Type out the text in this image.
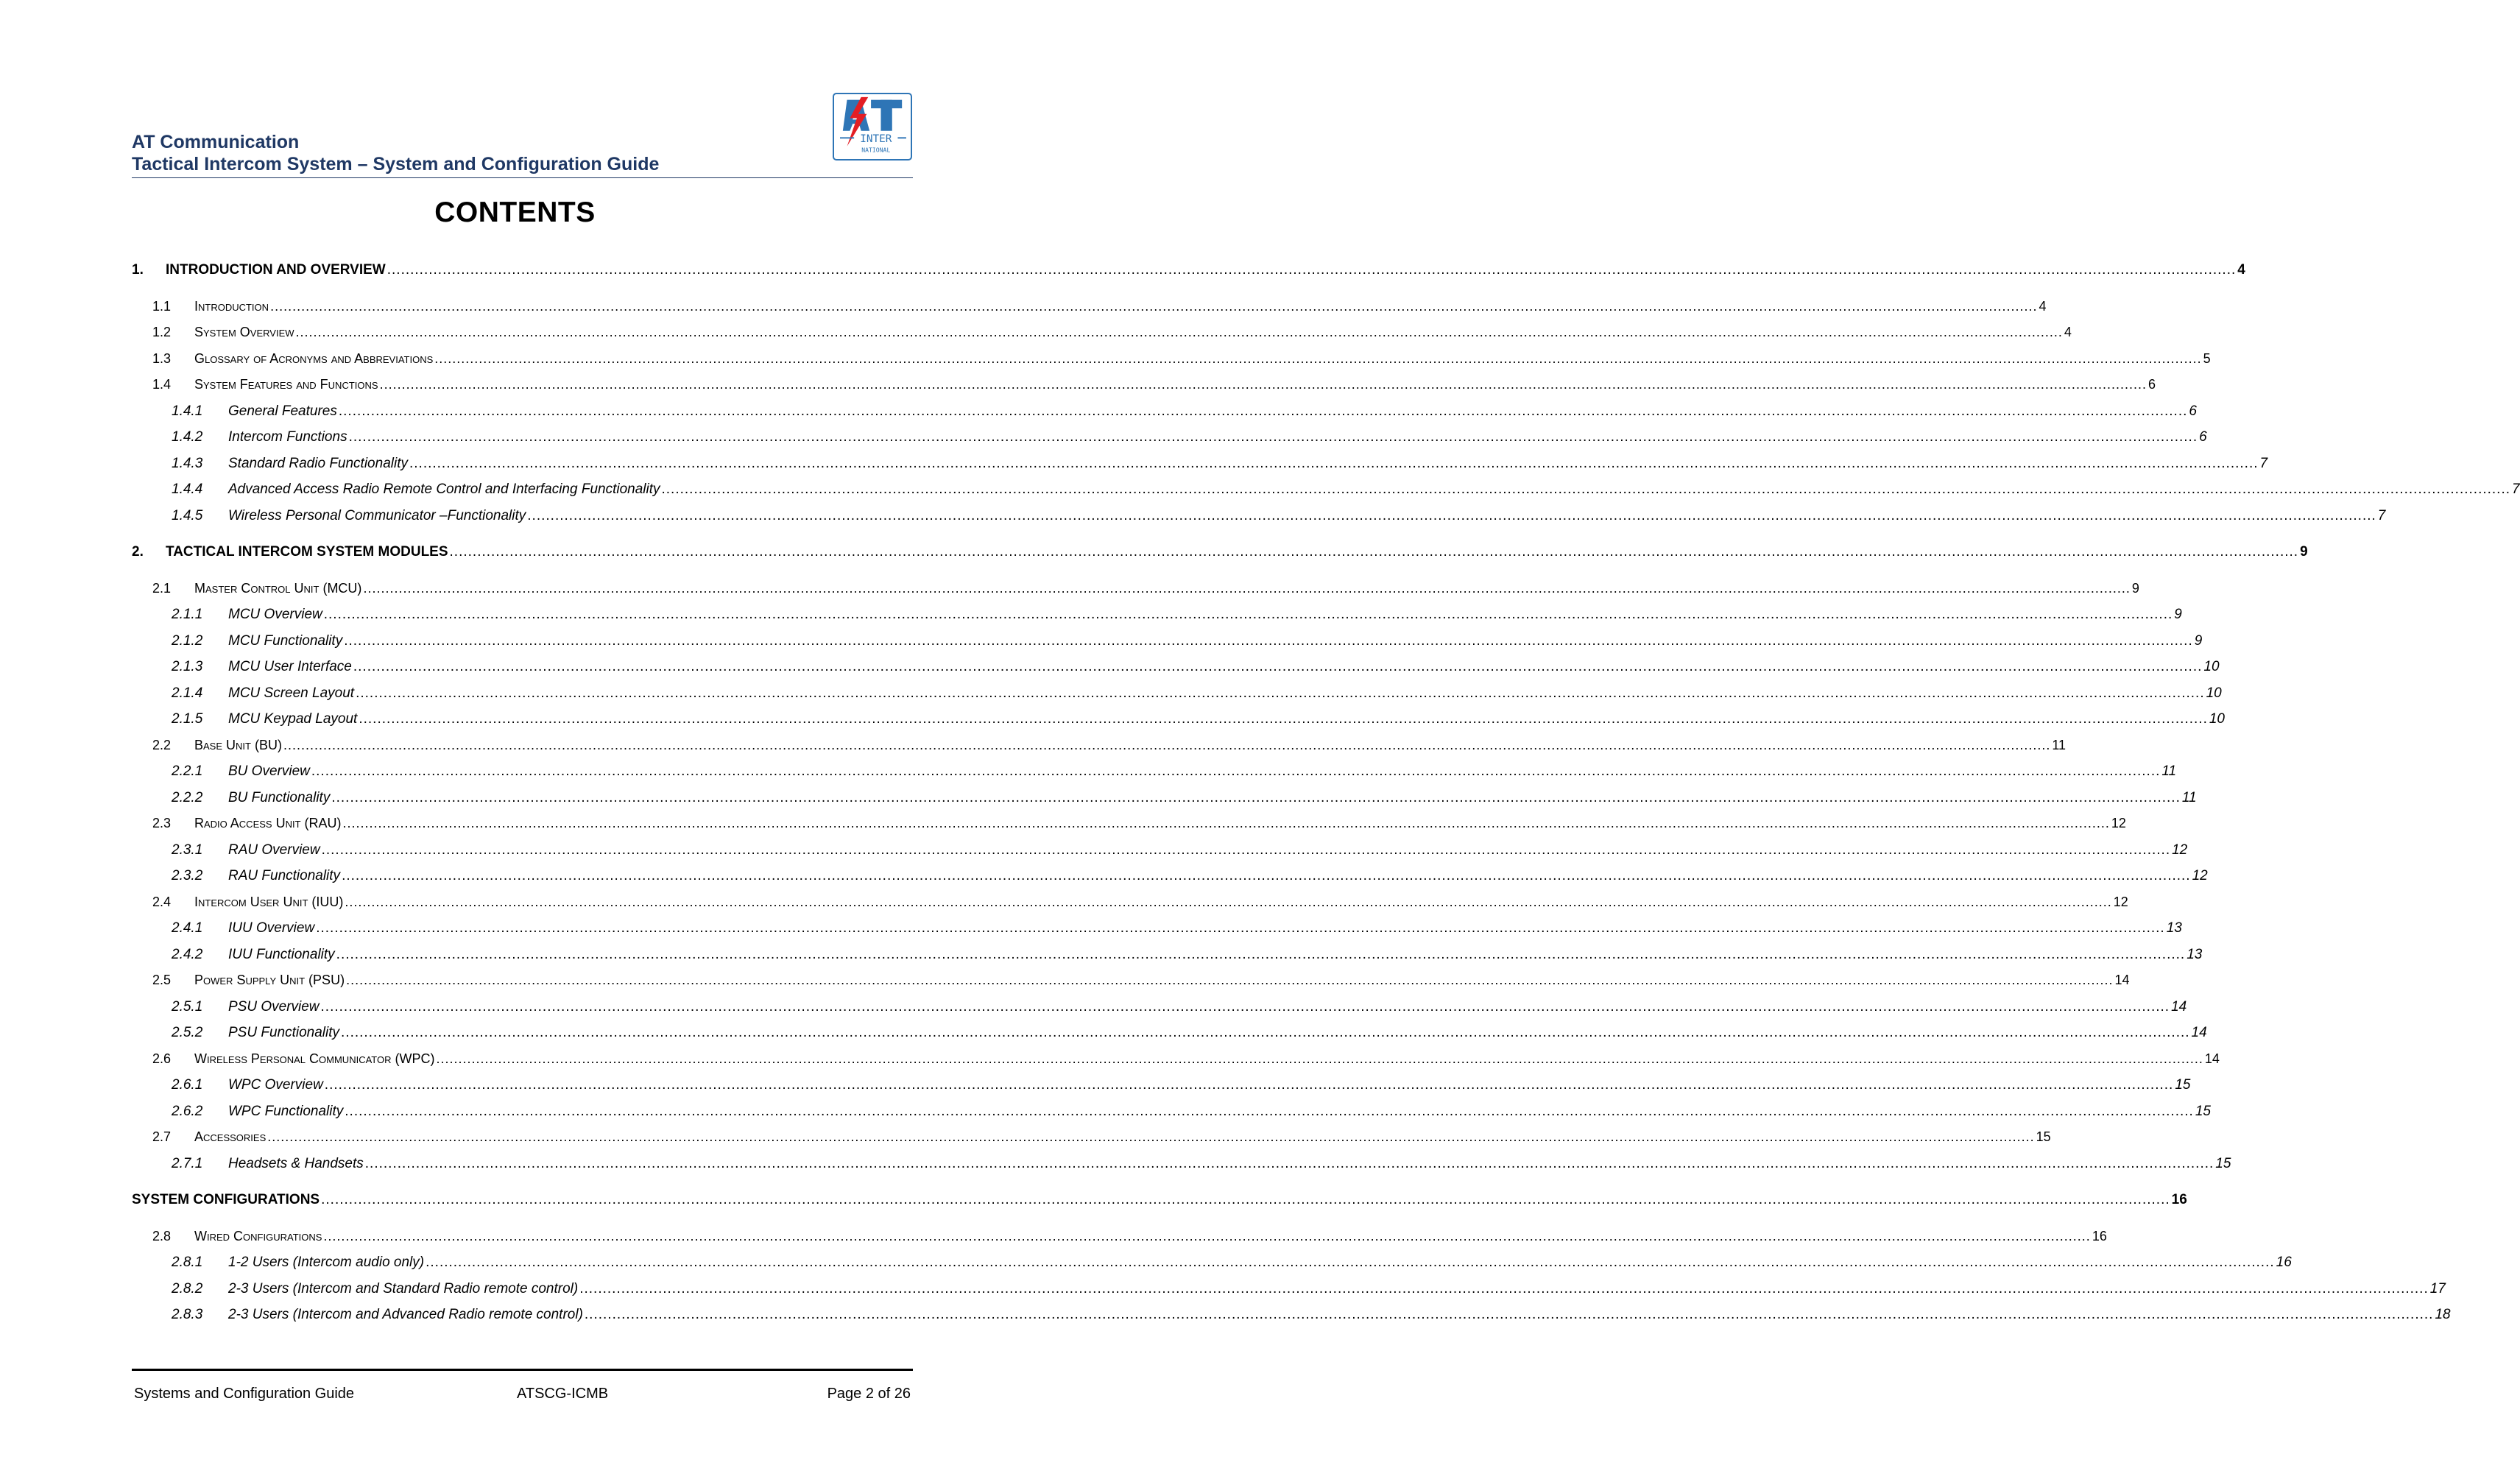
INTER
NATIONAL
AT Communication
Tactical Intercom System – System and Configuration Guide
CONTENTS
1.	INTRODUCTION AND OVERVIEW ................................................................................................................................................................................................................................................................................................................................................................................................................ 4
1.1	Introduction ................................................................................................................................................................................................................................................................................................................................................................................................................ 4
1.2	System Overview ................................................................................................................................................................................................................................................................................................................................................................................................................ 4
1.3	Glossary of Acronyms and Abbreviations ................................................................................................................................................................................................................................................................................................................................................................................................................ 5
1.4	System Features and Functions ................................................................................................................................................................................................................................................................................................................................................................................................................ 6
1.4.1	General Features ................................................................................................................................................................................................................................................................................................................................................................................................................ 6
1.4.2	Intercom Functions ................................................................................................................................................................................................................................................................................................................................................................................................................ 6
1.4.3	Standard Radio Functionality ................................................................................................................................................................................................................................................................................................................................................................................................................ 7
1.4.4	Advanced Access Radio Remote Control and Interfacing Functionality ................................................................................................................................................................................................................................................................................................................................................................................................................ 7
1.4.5	Wireless Personal Communicator –Functionality ................................................................................................................................................................................................................................................................................................................................................................................................................ 7
2.	TACTICAL INTERCOM SYSTEM MODULES ................................................................................................................................................................................................................................................................................................................................................................................................................ 9
2.1	Master Control Unit (MCU) ................................................................................................................................................................................................................................................................................................................................................................................................................ 9
2.1.1	MCU Overview ................................................................................................................................................................................................................................................................................................................................................................................................................ 9
2.1.2	MCU Functionality ................................................................................................................................................................................................................................................................................................................................................................................................................ 9
2.1.3	MCU User Interface ................................................................................................................................................................................................................................................................................................................................................................................................................ 10
2.1.4	MCU Screen Layout ................................................................................................................................................................................................................................................................................................................................................................................................................ 10
2.1.5	MCU Keypad Layout ................................................................................................................................................................................................................................................................................................................................................................................................................ 10
2.2	Base Unit (BU) ................................................................................................................................................................................................................................................................................................................................................................................................................ 11
2.2.1	BU Overview ................................................................................................................................................................................................................................................................................................................................................................................................................ 11
2.2.2	BU Functionality ................................................................................................................................................................................................................................................................................................................................................................................................................ 11
2.3	Radio Access Unit (RAU) ................................................................................................................................................................................................................................................................................................................................................................................................................ 12
2.3.1	RAU Overview ................................................................................................................................................................................................................................................................................................................................................................................................................ 12
2.3.2	RAU Functionality ................................................................................................................................................................................................................................................................................................................................................................................................................ 12
2.4	Intercom User Unit (IUU) ................................................................................................................................................................................................................................................................................................................................................................................................................ 12
2.4.1	IUU Overview ................................................................................................................................................................................................................................................................................................................................................................................................................ 13
2.4.2	IUU Functionality ................................................................................................................................................................................................................................................................................................................................................................................................................ 13
2.5	Power Supply Unit (PSU) ................................................................................................................................................................................................................................................................................................................................................................................................................ 14
2.5.1	PSU Overview ................................................................................................................................................................................................................................................................................................................................................................................................................ 14
2.5.2	PSU Functionality ................................................................................................................................................................................................................................................................................................................................................................................................................ 14
2.6	Wireless Personal Communicator (WPC) ................................................................................................................................................................................................................................................................................................................................................................................................................ 14
2.6.1	WPC Overview ................................................................................................................................................................................................................................................................................................................................................................................................................ 15
2.6.2	WPC Functionality ................................................................................................................................................................................................................................................................................................................................................................................................................ 15
2.7	Accessories ................................................................................................................................................................................................................................................................................................................................................................................................................ 15
2.7.1	Headsets & Handsets ................................................................................................................................................................................................................................................................................................................................................................................................................ 15
SYSTEM CONFIGURATIONS ................................................................................................................................................................................................................................................................................................................................................................................................................ 16
2.8	Wired Configurations ................................................................................................................................................................................................................................................................................................................................................................................................................ 16
2.8.1	1-2 Users (Intercom audio only) ................................................................................................................................................................................................................................................................................................................................................................................................................ 16
2.8.2	2-3 Users (Intercom and Standard Radio remote control) ................................................................................................................................................................................................................................................................................................................................................................................................................ 17
2.8.3	2-3 Users (Intercom and Advanced Radio remote control) ................................................................................................................................................................................................................................................................................................................................................................................................................ 18
Systems and Configuration Guide	ATSCG-ICMB	Page 2 of 26
